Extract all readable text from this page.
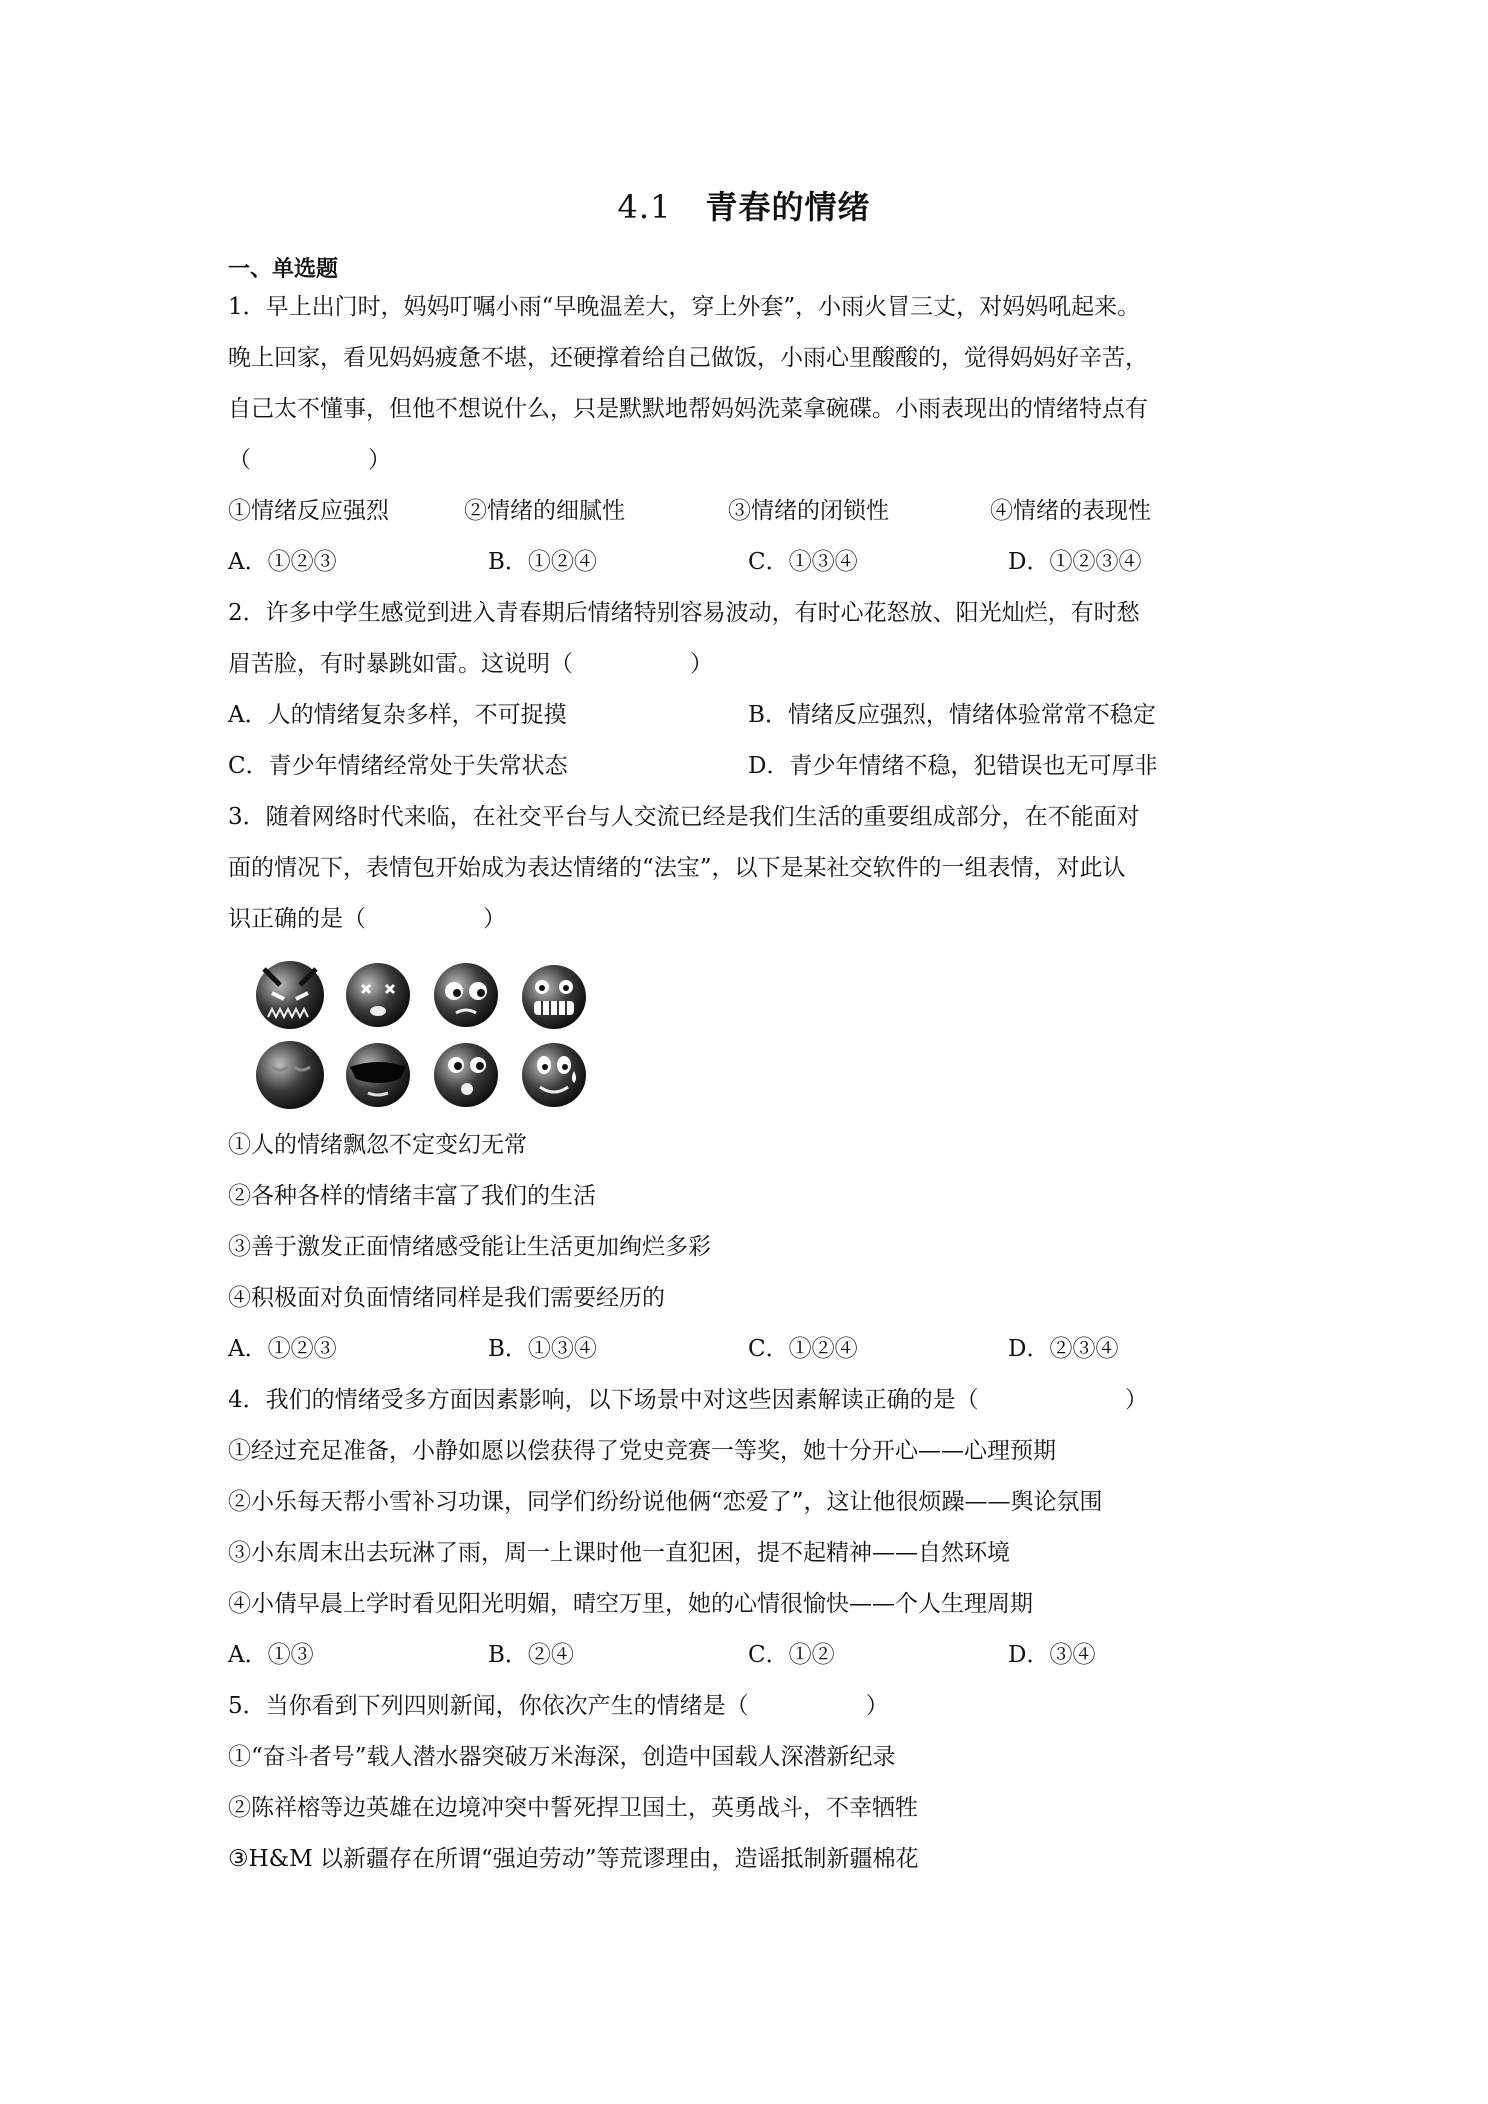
4.1 青春的情绪
一、单选题
1．早上出门时，妈妈叮嘱小雨“早晚温差大，穿上外套”，小雨火冒三丈，对妈妈吼起来。
晚上回家，看见妈妈疲惫不堪，还硬撑着给自己做饭，小雨心里酸酸的，觉得妈妈好辛苦，
自己太不懂事，但他不想说什么，只是默默地帮妈妈洗菜拿碗碟。小雨表现出的情绪特点有
（                ）
①情绪反应强烈	②情绪的细腻性	③情绪的闭锁性	④情绪的表现性
A．①②③	B．①②④	C．①③④	D．①②③④
2．许多中学生感觉到进入青春期后情绪特别容易波动，有时心花怒放、阳光灿烂，有时愁
眉苦脸，有时暴跳如雷。这说明（                ）
A．人的情绪复杂多样，不可捉摸	B．情绪反应强烈，情绪体验常常不稳定
C．青少年情绪经常处于失常状态	D．青少年情绪不稳，犯错误也无可厚非
3．随着网络时代来临，在社交平台与人交流已经是我们生活的重要组成部分，在不能面对
面的情况下，表情包开始成为表达情绪的“法宝”，以下是某社交软件的一组表情，对此认
识正确的是（                ）
①人的情绪飘忽不定变幻无常
②各种各样的情绪丰富了我们的生活
③善于激发正面情绪感受能让生活更加绚烂多彩
④积极面对负面情绪同样是我们需要经历的
A．①②③	B．①③④	C．①②④	D．②③④
4．我们的情绪受多方面因素影响，以下场景中对这些因素解读正确的是（                    ）
①经过充足准备，小静如愿以偿获得了党史竞赛一等奖，她十分开心——心理预期
②小乐每天帮小雪补习功课，同学们纷纷说他俩“恋爱了”，这让他很烦躁——舆论氛围
③小东周末出去玩淋了雨，周一上课时他一直犯困，提不起精神——自然环境
④小倩早晨上学时看见阳光明媚，晴空万里，她的心情很愉快——个人生理周期
A．①③	B．②④	C．①②	D．③④
5．当你看到下列四则新闻，你依次产生的情绪是（                ）
①“奋斗者号”载人潜水器突破万米海深，创造中国载人深潜新纪录
②陈祥榕等边英雄在边境冲突中誓死捍卫国土，英勇战斗，不幸牺牲
③H&M 以新疆存在所谓“强迫劳动”等荒谬理由，造谣抵制新疆棉花
